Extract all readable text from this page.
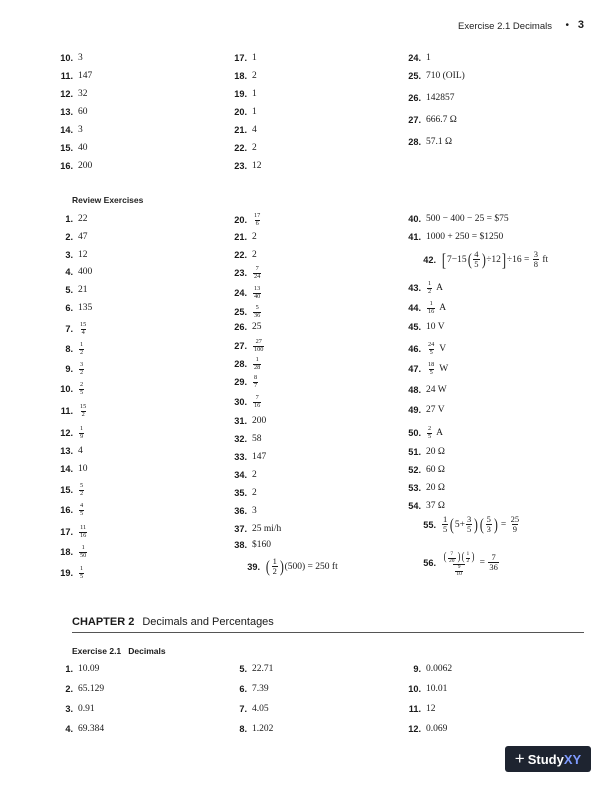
Exercise 2.1 Decimals • 3
10. 3
11. 147
12. 32
13. 60
14. 3
15. 40
16. 200
17. 1
18. 2
19. 1
20. 1
21. 4
22. 2
23. 12
24. 1
25. 710 (OIL)
26. 142857
27. 666.7 Ω
28. 57.1 Ω
Review Exercises
1. 22
2. 47
3. 12
4. 400
5. 21
6. 135
7. $\frac{15}{4}$
8. $\frac{1}{2}$
9. $\frac{3}{2}$
10. $\frac{2}{5}$
11. $\frac{15}{2}$
12. $\frac{1}{9}$
13. 4
14. 10
15. $\frac{5}{2}$
16. $\frac{4}{5}$
17. $\frac{11}{16}$
18. $\frac{1}{50}$
19. $\frac{1}{5}$
20. $\frac{17}{6}$
21. 2
22. 2
23. $\frac{7}{24}$
24. $\frac{13}{40}$
25. $\frac{5}{36}$
26. 25
27. $\frac{27}{100}$
28. $\frac{1}{28}$
29. $\frac{8}{7}$
30. $\frac{7}{16}$
31. 200
32. 58
33. 147
34. 2
35. 2
36. 3
37. 25 mi/h
38. $160
40. 500 − 400 − 25 = $75
41. 1000 + 250 = $1250
43. $\frac{1}{2}$ A
44. $\frac{1}{16}$ A
45. 10 V
46. $\frac{24}{5}$ V
47. $\frac{18}{5}$ W
48. 24 W
49. 27 V
50. $\frac{2}{5}$ A
51. 20 Ω
52. 60 Ω
53. 20 Ω
54. 37 Ω
39. ( $\frac{1}{2}$ ) (500) = 250 ft
42. [ 7 − 15 ( $\frac{4}{5}$ ) ÷ 12 ] ÷ $16 = \frac{3}{8}$
ft
55. $\frac{1}{5}$ ( $5 + \frac{3}{5}$ ) ( $\frac{5}{3}$ ) = $\frac{25}{9}$
56. $\frac{( \frac{7}{20} )( \frac{1}{2} )}{\frac{9}{10}} = \frac{7}{36}$
CHAPTER 2 Decimals and Percentages
Exercise 2.1 Decimals
1. 10.09
2. 65.129
3. 0.91
4. 69.384
5. 22.71
6. 7.39
7. 4.05
8. 1.202
9. 0.0062
10. 10.01
11. 12
12. 0.069
+ Study XY
